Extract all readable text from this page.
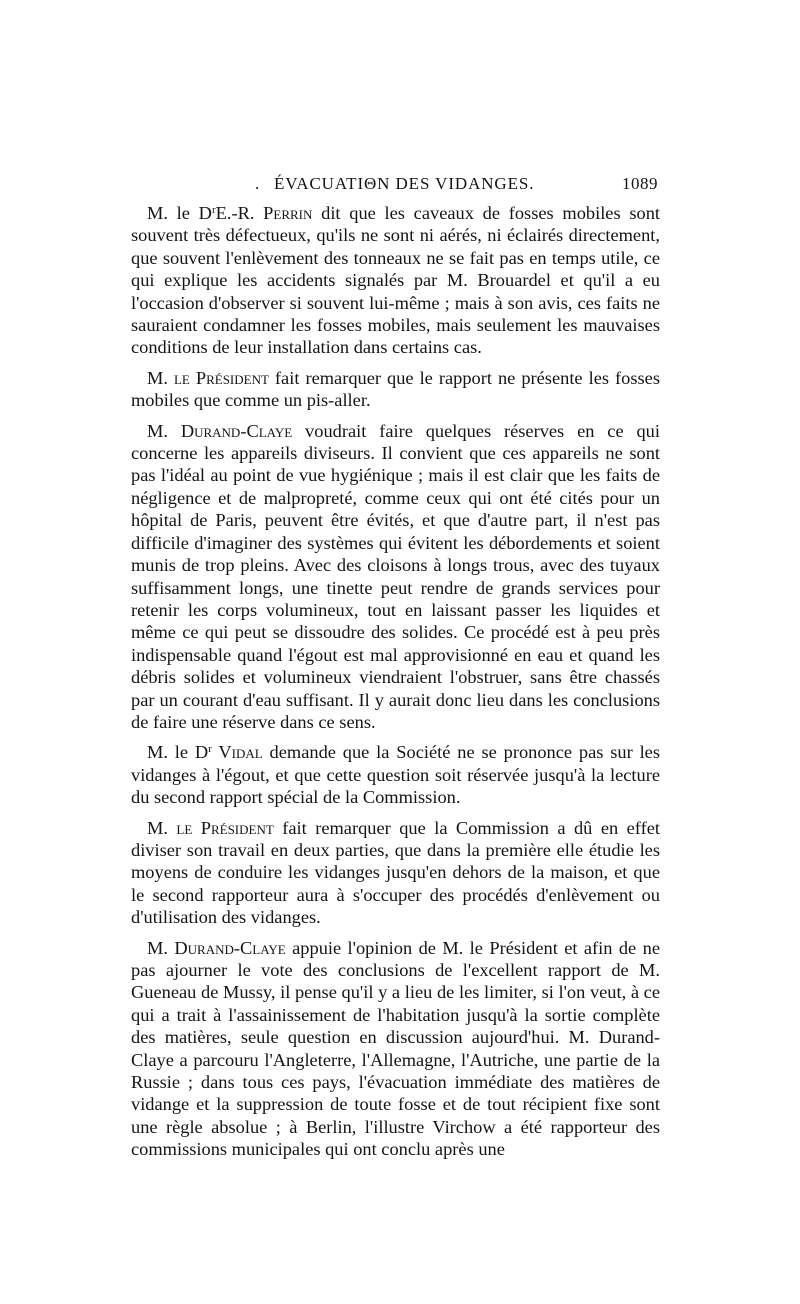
. ÉVACUATIΘN DES VIDANGES.	1089

M. le $D^rE.-R$. Perrin dit que les caveaux de fosses mobiles sont souvent très défectueux, qu'ils ne sont ni aérés, ni éclairés directement, que souvent l'enlèvement des tonneaux ne se fait pas en temps utile, ce qui explique les accidents signalés par M. Brouardel et qu'il a eu l'occasion d'observer si souvent lui-même ; mais à son avis, ces faits ne sauraient condamner les fosses mobiles, mais seulement les mauvaises conditions de leur installation dans certains cas.

M. le Président fait remarquer que le rapport ne présente les fosses mobiles que comme un pis-aller.

M. Durand-Claye voudrait faire quelques réserves en ce qui concerne les appareils diviseurs. Il convient que ces appareils ne sont pas l'idéal au point de vue hygiénique ; mais il est clair que les faits de négligence et de malpropreté, comme ceux qui ont été cités pour un hôpital de Paris, peuvent être évités, et que d'autre part, il n'est pas difficile d'imaginer des systèmes qui évitent les débordements et soient munis de trop pleins. Avec des cloisons à longs trous, avec des tuyaux suffisamment longs, une tinette peut rendre de grands services pour retenir les corps volumineux, tout en laissant passer les liquides et même ce qui peut se dissoudre des solides. Ce procédé est à peu près indispensable quand l'égout est mal approvisionné en eau et quand les débris solides et volumineux viendraient l'obstruer, sans être chassés par un courant d'eau suffisant. Il y aurait donc lieu dans les conclusions de faire une réserve dans ce sens.

M. le $D^r$ Vidal demande que la Société ne se prononce pas sur les vidanges à l'égout, et que cette question soit réservée jusqu'à la lecture du second rapport spécial de la Commission.

M. le Président fait remarquer que la Commission a dû en effet diviser son travail en deux parties, que dans la première elle étudie les moyens de conduire les vidanges jusqu'en dehors de la maison, et que le second rapporteur aura à s'occuper des procédés d'enlèvement ou d'utilisation des vidanges.

M. Durand-Claye appuie l'opinion de M. le Président et afin de ne pas ajourner le vote des conclusions de l'excellent rapport de M. Gueneau de Mussy, il pense qu'il y a lieu de les limiter, si l'on veut, à ce qui a trait à l'assainissement de l'habitation jusqu'à la sortie complète des matières, seule question en discussion aujourd'hui. M. Durand-Claye a parcouru l'Angleterre, l'Allemagne, l'Autriche, une partie de la Russie ; dans tous ces pays, l'évacuation immédiate des matières de vidange et la suppression de toute fosse et de tout récipient fixe sont une règle absolue ; à Berlin, l'illustre Virchow a été rapporteur des commissions municipales qui ont conclu après une
